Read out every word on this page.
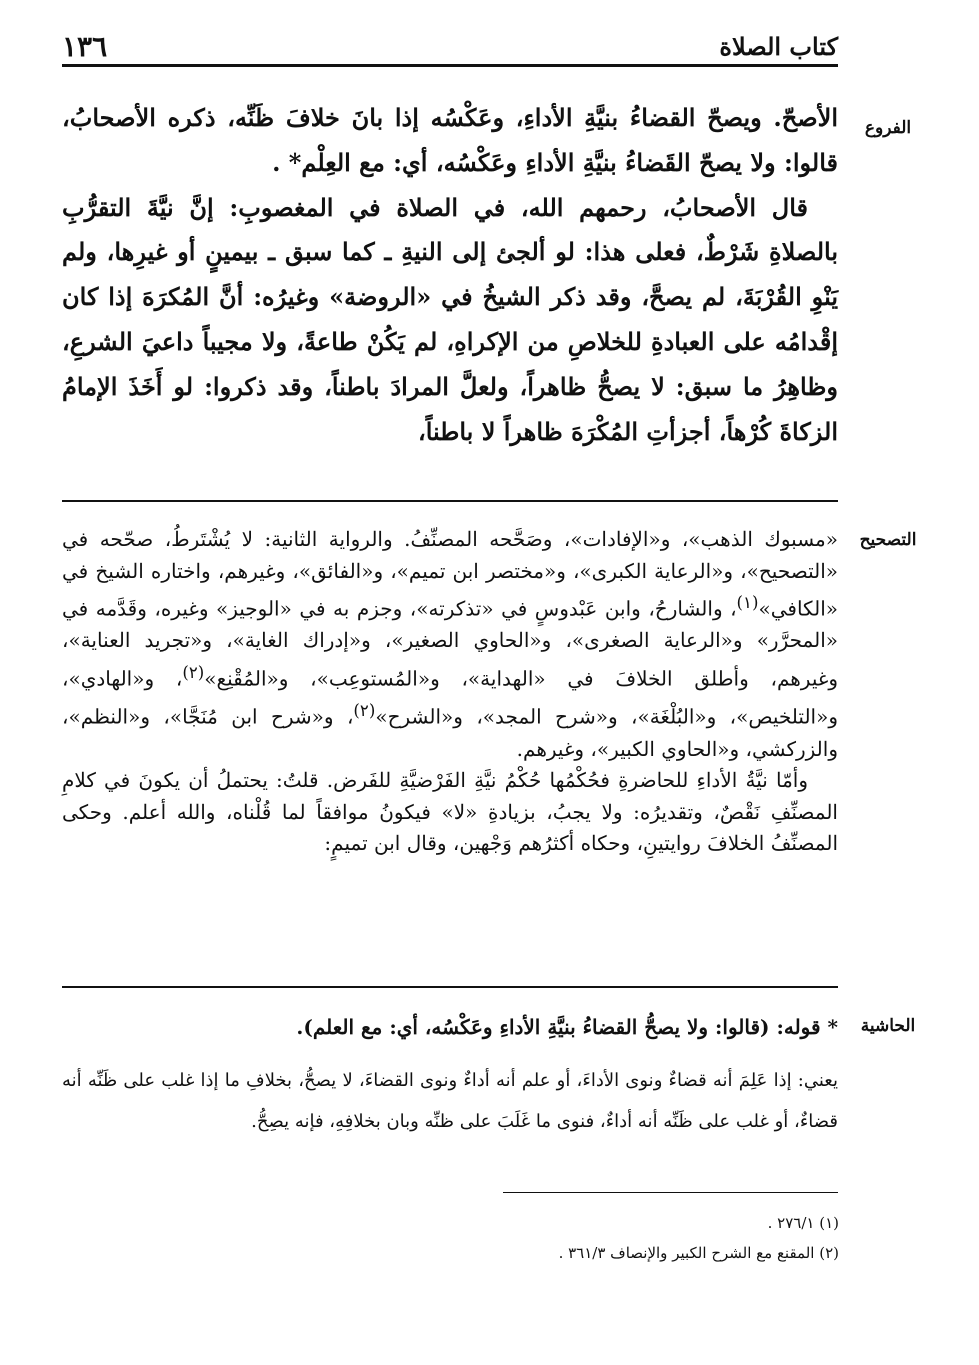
١٣٦	كتاب الصلاة
الفروع

الأصحّ. ويصحّ القضاءُ بنيَّةِ الأداءِ، وعَكْسُه إذا بانَ خلافَ ظَنِّه، ذكره الأصحابُ، قالوا: ولا يصحّ القَضاءُ بنيَّةِ الأداءِ وعَكْسُه، أي: مع العِلْم* .

قال الأصحابُ، رحمهم الله، في الصلاة في المغصوبِ: إنَّ نيَّةَ التقرُّبِ بالصلاةِ شَرْطٌ، فعلى هذا: لو ألجئ إلى النيةِ ـ كما سبق ـ بيمينٍ أو غيرِها، ولم يَنْوِ القُرْبَةَ، لم يصحَّ، وقد ذكر الشيخُ في «الروضة» وغيرُه: أنَّ المُكرَهَ إذا كان إقْدامُه على العبادةِ للخلاصِ من الإكراهِ، لم يَكُنْ طاعةً، ولا مجيباً داعيَ الشرعِ، وظاهِرُ ما سبق: لا يصحُّ ظاهراً، ولعلَّ المرادَ باطناً، وقد ذكروا: لو أَخَذَ الإمامُ الزكاةَ كُرْهاً، أجزأتِ المُكْرَهَ ظاهراً لا باطناً،

التصحيح

«مسبوك الذهب»، و«الإفادات»، وصَحَّحه المصنِّفُ. والرواية الثانية: لا يُشْتَرطُ، صحّحه في «التصحيح»، و«الرعاية الكبرى»، و«مختصر ابن تميم»، و«الفائق»، وغيرهم، واختاره الشيخ في «الكافي»$^{(١)}$، والشارحُ، وابن عَبْدوسٍ في «تذكرته»، وجزم به في «الوجيز» وغيره، وقَدَّمه في «المحرَّر» و«الرعاية الصغرى»، و«الحاوي الصغير»، و«إدراك الغاية»، و«تجريد العناية»، وغيرهم، وأطلق الخلافَ في «الهداية»، و«المُستوعِب»، و«المُقْنِع»$^{(٢)}$، و«الهادي»، و«التلخيص»، و«البُلْغَة»، و«شرح المجد»، و«الشرح»$^{(٢)}$، و«شرح ابن مُنَجَّا»، و«النظم»، والزركشي، و«الحاوي الكبير»، وغيرهم.

وأمّا نيَّةُ الأداءِ للحاضرةِ فحُكْمُها حُكْمُ نيَّةِ الفَرْضيَّةِ للفَرض. قلتُ: يحتملُ أن يكونَ في كلامِ المصنِّفِ نَقْصٌ، وتقديرُه: ولا يجبُ، بزيادةِ «لا» فيكونُ موافقاً لما قُلْناه، والله أعلم. وحكى المصنِّفُ الخلافَ روايتينِ، وحكاه أكثرُهم وَجْهين، وقال ابن تميمٍ:

الحاشية
* قوله: (قالوا: ولا يصحُّ القضاءُ بنيَّةِ الأداءِ وعَكْسُه، أي: مع العلم).
يعني: إذا عَلِمَ أنه قضاءٌ ونوى الأداءَ، أو علم أنه أداءٌ ونوى القضاءَ، لا يصحُّ، بخلافِ ما إذا غلب على ظَنِّه أنه قضاءٌ، أو غلب على ظَنِّه أنه أداءٌ، فنوى ما غَلَبَ على ظنِّه وبان بخلافِهِ، فإنه يصِحُّ.
(١) ٢٧٦/١ .
(٢) المقنع مع الشرح الكبير والإنصاف ٣٦١/٣ .
